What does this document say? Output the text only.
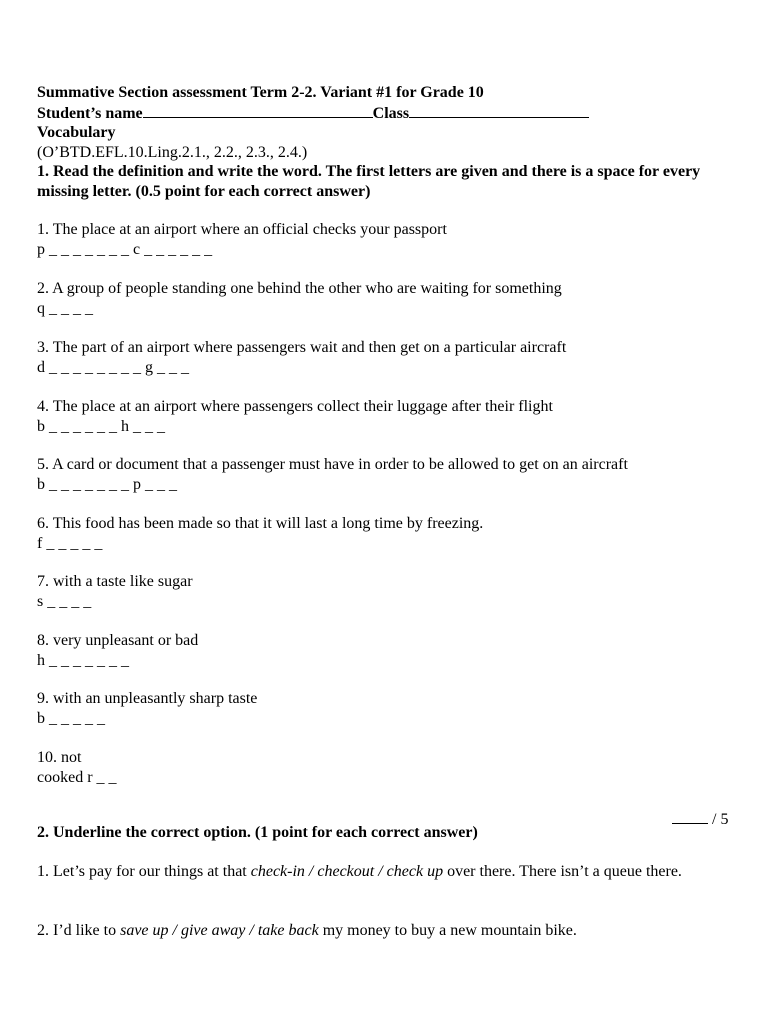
Summative Section assessment Term 2-2. Variant #1 for Grade 10
Student’s name	Class
Vocabulary
(O’BTD.EFL.10.Ling.2.1., 2.2., 2.3., 2.4.)
1. Read the definition and write the word. The first letters are given and there is a space for every missing letter. (0.5 point for each correct answer)
1. The place at an airport where an official checks your passport
p _ _ _ _ _ _ _ c _ _ _ _ _ _
2. A group of people standing one behind the other who are waiting for something
q _ _ _ _
3. The part of an airport where passengers wait and then get on a particular aircraft
d _ _ _ _ _ _ _ _ g _ _ _
4. The place at an airport where passengers collect their luggage after their flight
b _ _ _ _ _ _ h _ _ _
5. A card or document that a passenger must have in order to be allowed to get on an aircraft
b _ _ _ _ _ _ _ p _ _ _
6. This food has been made so that it will last a long time by freezing.
f _ _ _ _ _
7. with a taste like sugar
s _ _ _ _
8. very unpleasant or bad
h _ _ _ _ _ _ _
9. with an unpleasantly sharp taste
b _ _ _ _ _
10. not
cooked r _ _
/ 5
2. Underline the correct option. (1 point for each correct answer)
1. Let’s pay for our things at that check-in / checkout / check up over there. There isn’t a queue there.
2. I’d like to save up / give away / take back my money to buy a new mountain bike.
